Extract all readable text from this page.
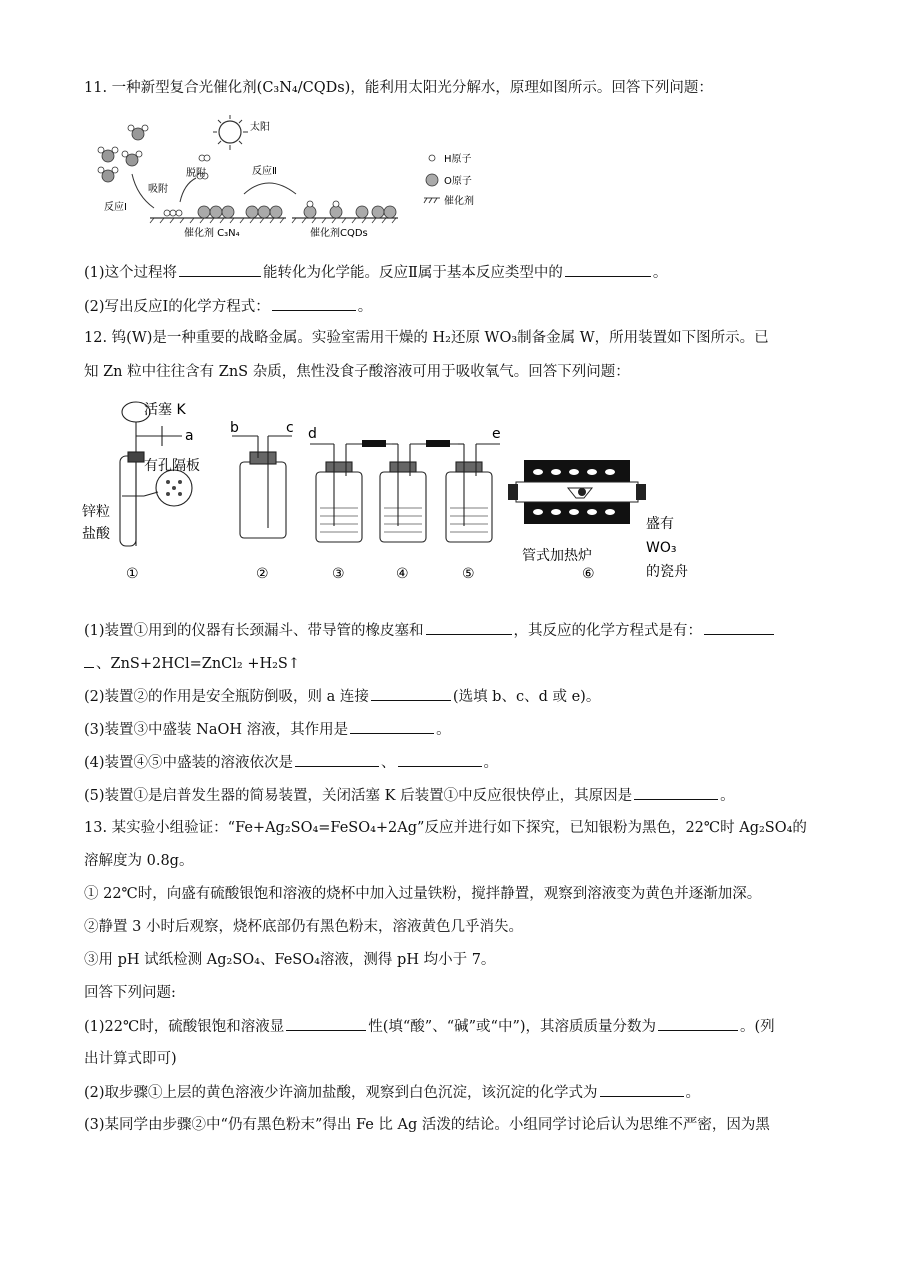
11. 一种新型复合光催化剂(C₃N₄/CQDs)，能利用太阳光分解水，原理如图所示。回答下列问题：
太阳
吸附
脱附
反应Ⅰ
反应Ⅱ
催化剂 C₃N₄	催化剂CQDs
H原子
O原子
催化剂
(1)这个过程将	能转化为化学能。反应Ⅱ属于基本反应类型中的	。
(2)写出反应Ⅰ的化学方程式：	。
12. 钨(W)是一种重要的战略金属。实验室需用干燥的 H₂还原 WO₃制备金属 W，所用装置如下图所示。已
知 Zn 粒中往往含有 ZnS 杂质，焦性没食子酸溶液可用于吸收氧气。回答下列问题：
活塞 K
a
有孔隔板
锌粒
盐酸
①
b	c
②
d
③	④
e
⑤
管式加热炉
盛有
WO₃
的瓷舟
⑥
(1)装置①用到的仪器有长颈漏斗、带导管的橡皮塞和	，其反应的化学方程式是有：
、ZnS+2HCl=ZnCl₂ +H₂S↑
(2)装置②的作用是安全瓶防倒吸，则 a 连接	(选填 b、c、d 或 e)。
(3)装置③中盛装 NaOH 溶液，其作用是	。
(4)装置④⑤中盛装的溶液依次是	、	。
(5)装置①是启普发生器的简易装置，关闭活塞 K 后装置①中反应很快停止，其原因是	。
13. 某实验小组验证：“Fe+Ag₂SO₄=FeSO₄+2Ag”反应并进行如下探究，已知银粉为黑色，22℃时 Ag₂SO₄的
溶解度为 0.8g。
① 22℃时，向盛有硫酸银饱和溶液的烧杯中加入过量铁粉，搅拌静置，观察到溶液变为黄色并逐渐加深。
②静置 3 小时后观察，烧杯底部仍有黑色粉末，溶液黄色几乎消失。
③用 pH 试纸检测 Ag₂SO₄、FeSO₄溶液，测得 pH 均小于 7。
回答下列问题:
(1)22℃时，硫酸银饱和溶液显	性(填“酸”、“碱”或“中”)，其溶质质量分数为	。(列
出计算式即可)
(2)取步骤①上层的黄色溶液少许滴加盐酸，观察到白色沉淀，该沉淀的化学式为	。
(3)某同学由步骤②中“仍有黑色粉末”得出 Fe 比 Ag 活泼的结论。小组同学讨论后认为思维不严密，因为黑
